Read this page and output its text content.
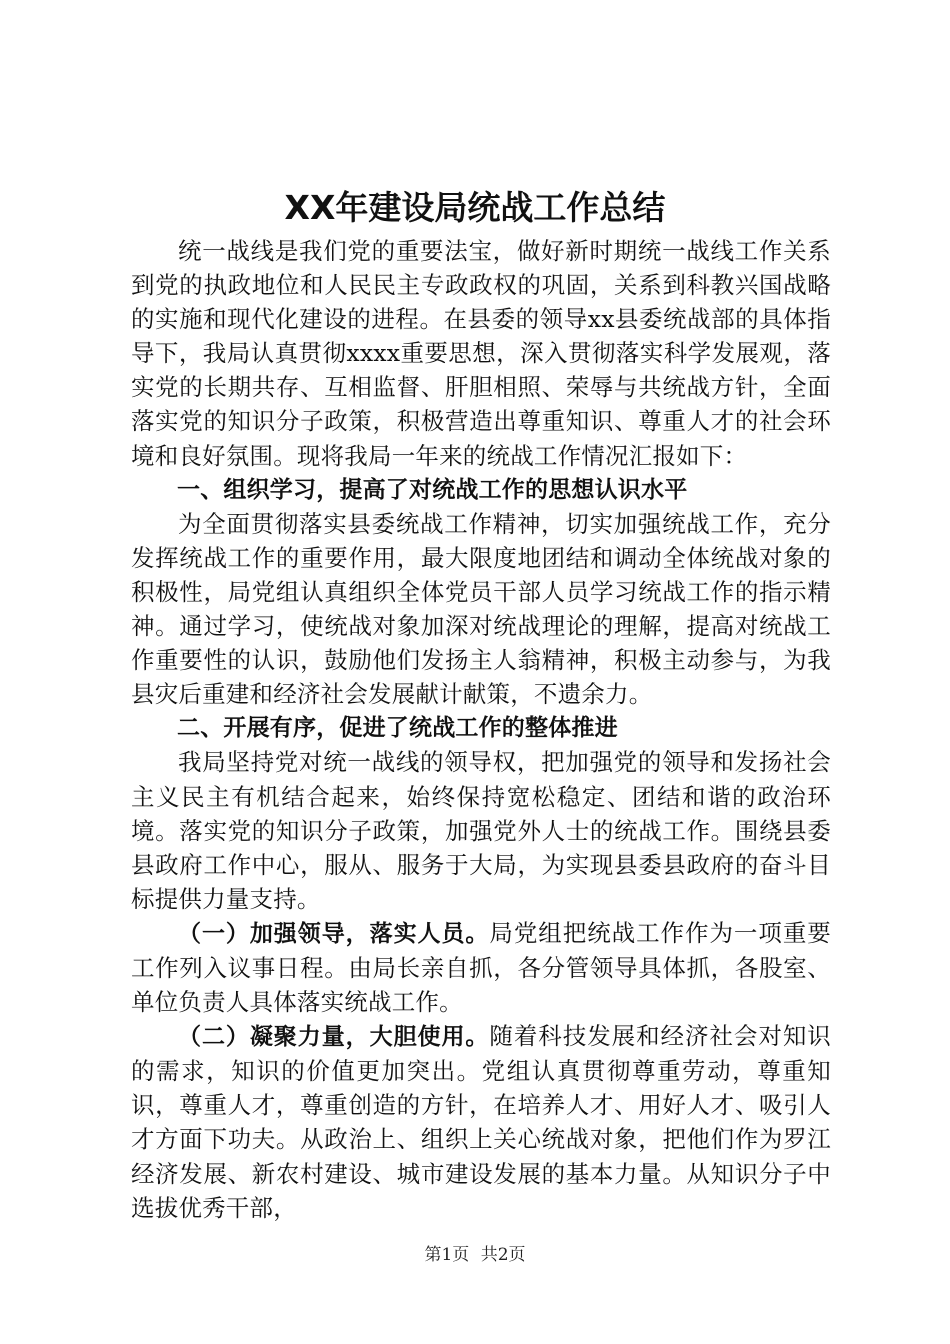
XX年建设局统战工作总结

统一战线是我们党的重要法宝，做好新时期统一战线工作关系到党的执政地位和人民民主专政政权的巩固，关系到科教兴国战略的实施和现代化建设的进程。在县委的领导xx县委统战部的具体指导下，我局认真贯彻xxxx重要思想，深入贯彻落实科学发展观，落实党的长期共存、互相监督、肝胆相照、荣辱与共统战方针，全面落实党的知识分子政策，积极营造出尊重知识、尊重人才的社会环境和良好氛围。现将我局一年来的统战工作情况汇报如下：

一、组织学习，提高了对统战工作的思想认识水平

为全面贯彻落实县委统战工作精神，切实加强统战工作，充分发挥统战工作的重要作用，最大限度地团结和调动全体统战对象的积极性，局党组认真组织全体党员干部人员学习统战工作的指示精神。通过学习，使统战对象加深对统战理论的理解，提高对统战工作重要性的认识，鼓励他们发扬主人翁精神，积极主动参与，为我县灾后重建和经济社会发展献计献策，不遗余力。

二、开展有序，促进了统战工作的整体推进

我局坚持党对统一战线的领导权，把加强党的领导和发扬社会主义民主有机结合起来，始终保持宽松稳定、团结和谐的政治环境。落实党的知识分子政策，加强党外人士的统战工作。围绕县委县政府工作中心，服从、服务于大局，为实现县委县政府的奋斗目标提供力量支持。

（一）加强领导，落实人员。局党组把统战工作作为一项重要工作列入议事日程。由局长亲自抓，各分管领导具体抓，各股室、单位负责人具体落实统战工作。

（二）凝聚力量，大胆使用。随着科技发展和经济社会对知识的需求，知识的价值更加突出。党组认真贯彻尊重劳动，尊重知识，尊重人才，尊重创造的方针，在培养人才、用好人才、吸引人才方面下功夫。从政治上、组织上关心统战对象，把他们作为罗江经济发展、新农村建设、城市建设发展的基本力量。从知识分子中选拔优秀干部，

第1页 共2页
